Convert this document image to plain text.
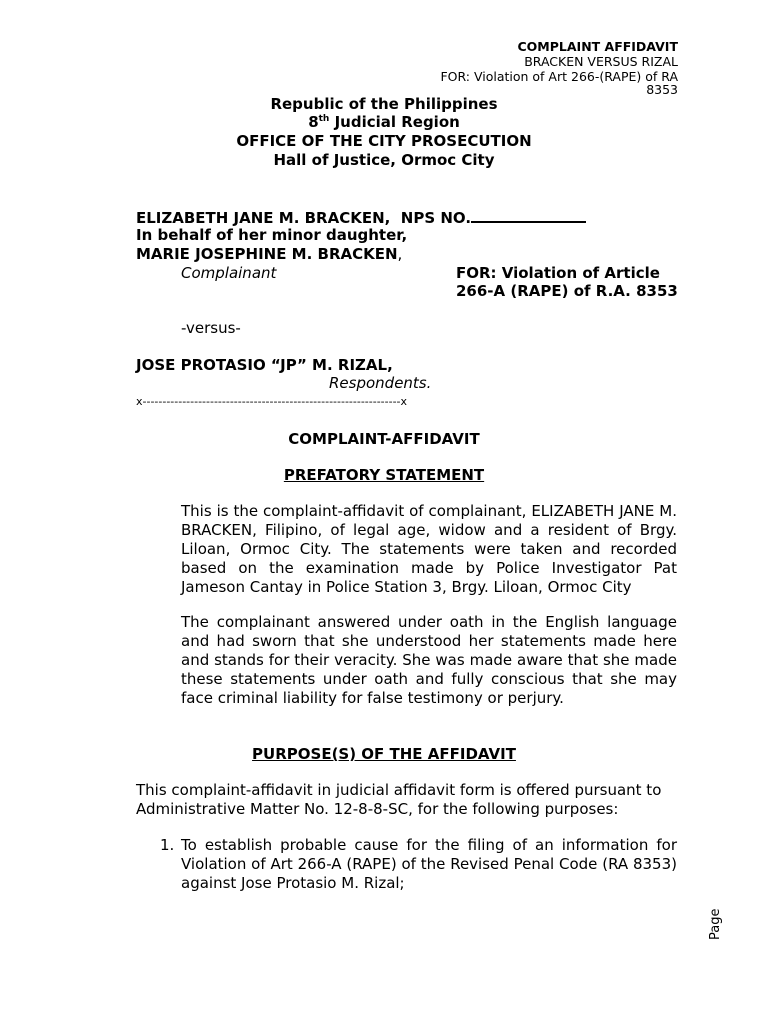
COMPLAINT AFFIDAVIT
BRACKEN VERSUS RIZAL
FOR: Violation of Art 266-(RAPE) of RA
8353
Republic of the Philippines
8th Judicial Region
OFFICE OF THE CITY PROSECUTION
Hall of Justice, Ormoc City
ELIZABETH JANE M. BRACKEN, NPS NO.
In behalf of her minor daughter,
MARIE JOSEPHINE M. BRACKEN,
Complainant	FOR: Violation of Article
266-A (RAPE) of R.A. 8353
-versus-
JOSE PROTASIO “JP” M. RIZAL,
Respondents.
x-----------------------------------------------------------------x
COMPLAINT-AFFIDAVIT
PREFATORY STATEMENT
This is the complaint-affidavit of complainant, ELIZABETH JANE M. BRACKEN, Filipino, of legal age, widow and a resident of Brgy. Liloan, Ormoc City. The statements were taken and recorded based on the examination made by Police Investigator Pat Jameson Cantay in Police Station 3, Brgy. Liloan, Ormoc City
The complainant answered under oath in the English language and had sworn that she understood her statements made here and stands for their veracity. She was made aware that she made these statements under oath and fully conscious that she may face criminal liability for false testimony or perjury.
PURPOSE(S) OF THE AFFIDAVIT
This complaint-affidavit in judicial affidavit form is offered pursuant to Administrative Matter No. 12-8-8-SC, for the following purposes:
1. To establish probable cause for the filing of an information for Violation of Art 266-A (RAPE) of the Revised Penal Code (RA 8353) against Jose Protasio M. Rizal;
Page
